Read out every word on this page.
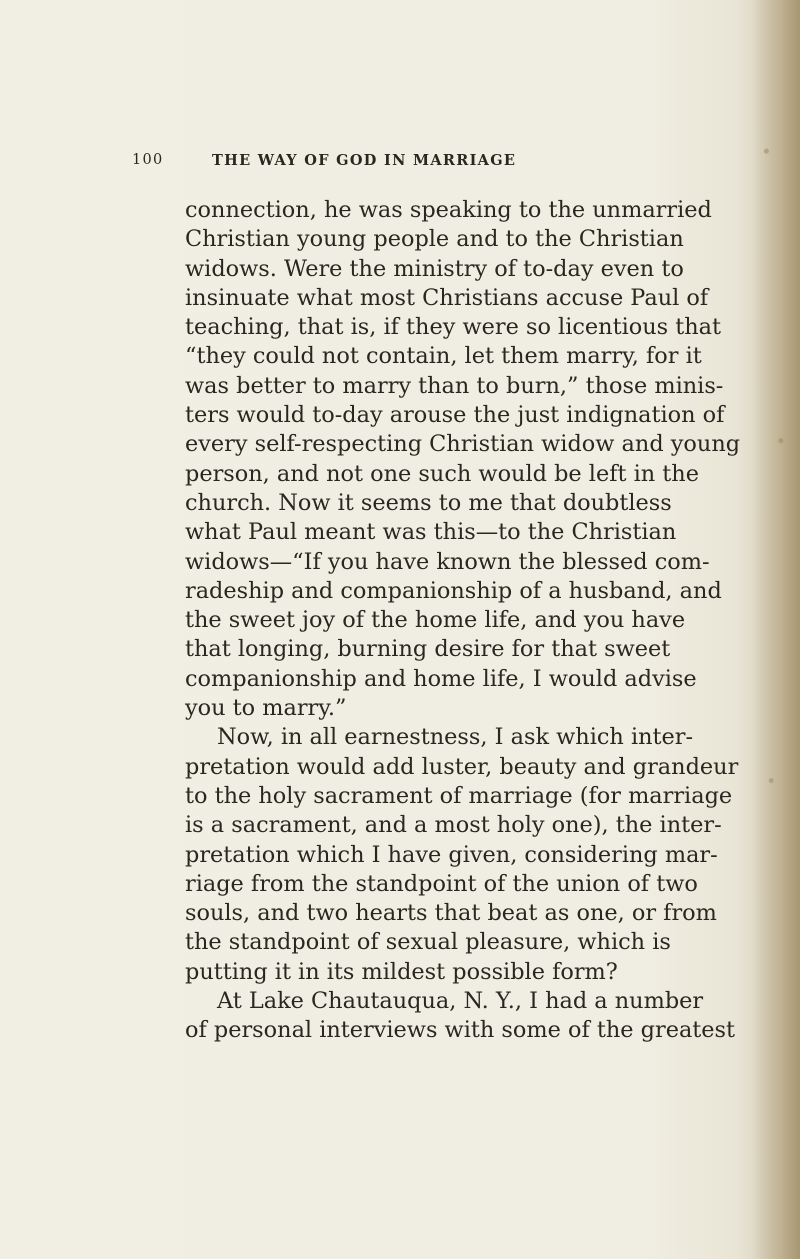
100	THE WAY OF GOD IN MARRIAGE
connection, he was speaking to the unmarried
Christian young people and to the Christian
widows. Were the ministry of to-day even to
insinuate what most Christians accuse Paul of
teaching, that is, if they were so licentious that
“they could not contain, let them marry, for it
was better to marry than to burn,” those minis-
ters would to-day arouse the just indignation of
every self-respecting Christian widow and young
person, and not one such would be left in the
church. Now it seems to me that doubtless
what Paul meant was this—to the Christian
widows—“If you have known the blessed com-
radeship and companionship of a husband, and
the sweet joy of the home life, and you have
that longing, burning desire for that sweet
companionship and home life, I would advise
you to marry.”
Now, in all earnestness, I ask which inter-
pretation would add luster, beauty and grandeur
to the holy sacrament of marriage (for marriage
is a sacrament, and a most holy one), the inter-
pretation which I have given, considering mar-
riage from the standpoint of the union of two
souls, and two hearts that beat as one, or from
the standpoint of sexual pleasure, which is
putting it in its mildest possible form?
At Lake Chautauqua, N. Y., I had a number
of personal interviews with some of the greatest
